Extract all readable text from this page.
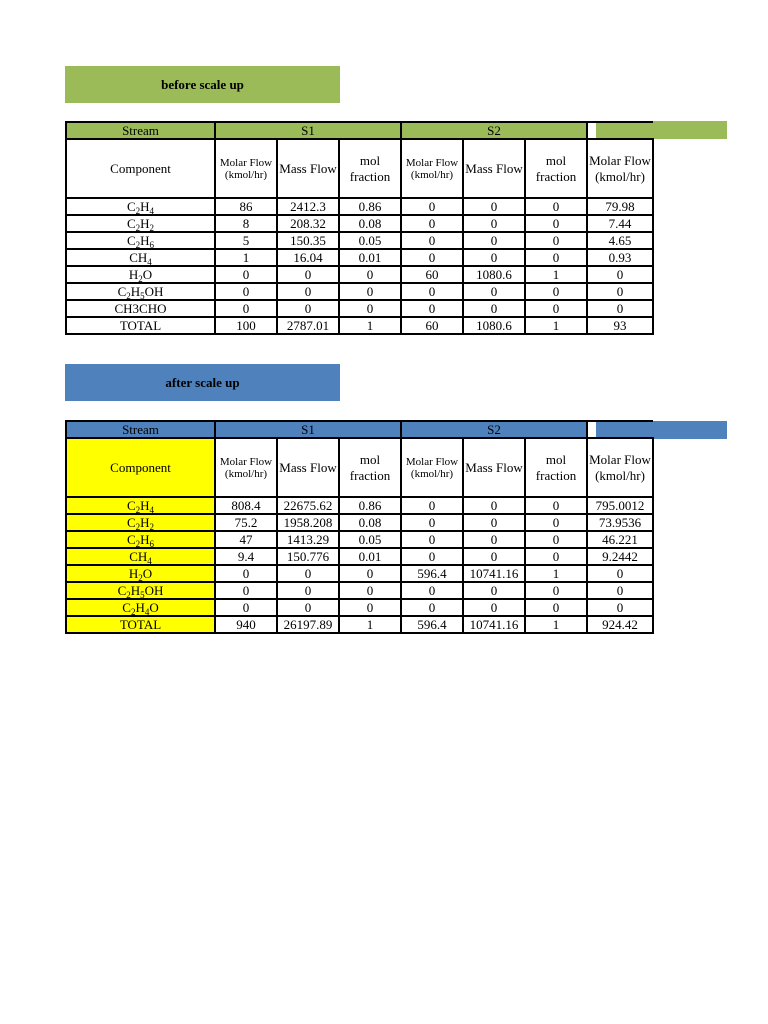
before scale up
Stream	S1			S2			
Component	Molar Flow (kmol/hr)	Mass Flow	mol fraction	Molar Flow (kmol/hr)	Mass Flow	mol fraction	Molar Flow (kmol/hr)
$C_2H_4$	86	2412.3	0.86	0	0	0	79.98
$C_2H_2$	8	208.32	0.08	0	0	0	7.44
$C_2H_6$	5	150.35	0.05	0	0	0	4.65
$CH_4$	1	16.04	0.01	0	0	0	0.93
$H_2O$	0	0	0	60	1080.6	1	0
$C_2H_5OH$	0	0	0	0	0	0	0
CH3CHO	0	0	0	0	0	0	0
TOTAL	100	2787.01	1	60	1080.6	1	93
after scale up
Stream	S1			S2			
Component	Molar Flow (kmol/hr)	Mass Flow	mol fraction	Molar Flow (kmol/hr)	Mass Flow	mol fraction	Molar Flow (kmol/hr)
$C_2H_4$	808.4	22675.62	0.86	0	0	0	795.0012
$C_2H_2$	75.2	1958.208	0.08	0	0	0	73.9536
$C_2H_6$	47	1413.29	0.05	0	0	0	46.221
$CH_4$	9.4	150.776	0.01	0	0	0	9.2442
$H_2O$	0	0	0	596.4	10741.16	1	0
$C_2H_5OH$	0	0	0	0	0	0	0
$C_2H_4O$	0	0	0	0	0	0	0
TOTAL	940	26197.89	1	596.4	10741.16	1	924.42
